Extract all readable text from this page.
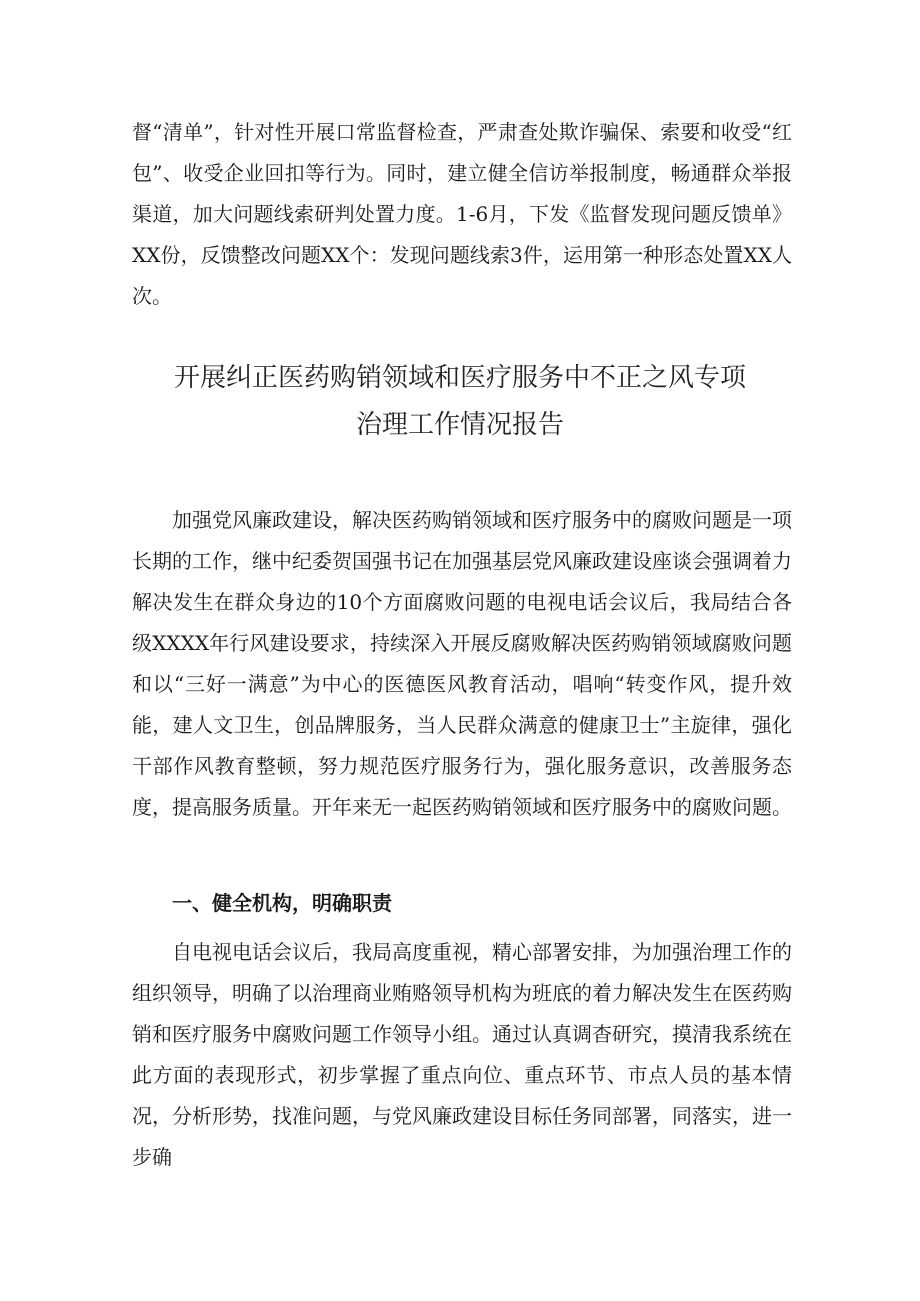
督“清单”，针对性开展口常监督检查，严肃查处欺诈骗保、索要和收受“红包”、收受企业回扣等行为。同时，建立健全信访举报制度，畅通群众举报渠道，加大问题线索研判处置力度。1-6月，下发《监督发现问题反馈单》XX份，反馈整改问题XX个：发现问题线索3件，运用第一种形态处置XX人次。

开展纠正医药购销领域和医疗服务中不正之风专项
治理工作情况报告

加强党风廉政建设，解决医药购销领域和医疗服务中的腐败问题是一项长期的工作，继中纪委贺国强书记在加强基层党风廉政建设座谈会强调着力解决发生在群众身边的10个方面腐败问题的电视电话会议后，我局结合各级XXXX年行风建设要求，持续深入开展反腐败解决医药购销领域腐败问题和以“三好一满意”为中心的医德医风教育活动，唱响“转变作风，提升效能，建人文卫生，创品牌服务，当人民群众满意的健康卫士”主旋律，强化干部作风教育整顿，努力规范医疗服务行为，强化服务意识，改善服务态度，提高服务质量。开年来无一起医药购销领域和医疗服务中的腐败问题。

一、健全机构，明确职责

自电视电话会议后，我局高度重视，精心部署安排，为加强治理工作的组织领导，明确了以治理商业贿赂领导机构为班底的着力解决发生在医药购销和医疗服务中腐败问题工作领导小组。通过认真调杳研究，摸清我系统在此方面的表现形式，初步掌握了重点向位、重点环节、市点人员的基本情况，分析形势，找准问题，与党风廉政建设目标任务同部署，同落实，进一步确
